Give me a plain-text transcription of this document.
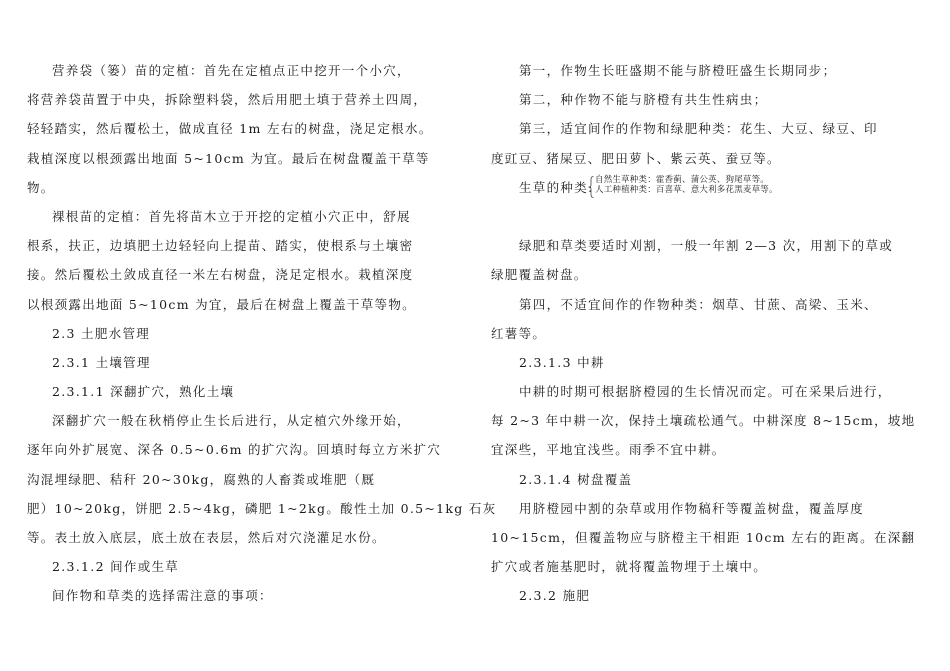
营养袋（篓）苗的定植：首先在定植点正中挖开一个小穴，
将营养袋苗置于中央，拆除塑料袋，然后用肥土填于营养土四周，
轻轻踏实，然后覆松土，做成直径 1m 左右的树盘，浇足定根水。
栽植深度以根颈露出地面 5~10cm 为宜。最后在树盘覆盖干草等
物。
裸根苗的定植：首先将苗木立于开挖的定植小穴正中，舒展
根系，扶正，边填肥土边轻轻向上提苗、踏实，使根系与土壤密
接。然后覆松土敛成直径一米左右树盘，浇足定根水。栽植深度
以根颈露出地面 5~10cm 为宜，最后在树盘上覆盖干草等物。
2.3 土肥水管理
2.3.1 土壤管理
2.3.1.1 深翻扩穴，熟化土壤
深翻扩穴一般在秋梢停止生长后进行，从定植穴外缘开始，
逐年向外扩展宽、深各 0.5~0.6m 的扩穴沟。回填时每立方米扩穴
沟混埋绿肥、秸秆 20~30kg，腐熟的人畜粪或堆肥（厩
肥）10~20kg，饼肥 2.5~4kg，磷肥 1~2kg。酸性土加 0.5~1kg 石灰
等。表土放入底层，底土放在表层，然后对穴浇灌足水份。
2.3.1.2 间作或生草
间作物和草类的选择需注意的事项：
第一，作物生长旺盛期不能与脐橙旺盛生长期同步；
第二，种作物不能与脐橙有共生性病虫；
第三，适宜间作的作物和绿肥种类：花生、大豆、绿豆、印
度豇豆、猪屎豆、肥田萝卜、紫云英、蚕豆等。
生草的种类: 自然生草种类：霍香蓟、蒲公英、狗尾草等。
人工种植种类：百喜草、意大利多花黑麦草等。
绿肥和草类要适时刈割，一般一年割 2—3 次，用割下的草或
绿肥覆盖树盘。
第四，不适宜间作的作物种类：烟草、甘蔗、高梁、玉米、
红薯等。
2.3.1.3 中耕
中耕的时期可根据脐橙园的生长情况而定。可在采果后进行，
每 2~3 年中耕一次，保持土壤疏松通气。中耕深度 8~15cm，坡地
宜深些，平地宜浅些。雨季不宜中耕。
2.3.1.4 树盘覆盖
用脐橙园中割的杂草或用作物稿秆等覆盖树盘，覆盖厚度
10~15cm，但覆盖物应与脐橙主干相距 10cm 左右的距离。在深翻
扩穴或者施基肥时，就将覆盖物埋于土壤中。
2.3.2 施肥
